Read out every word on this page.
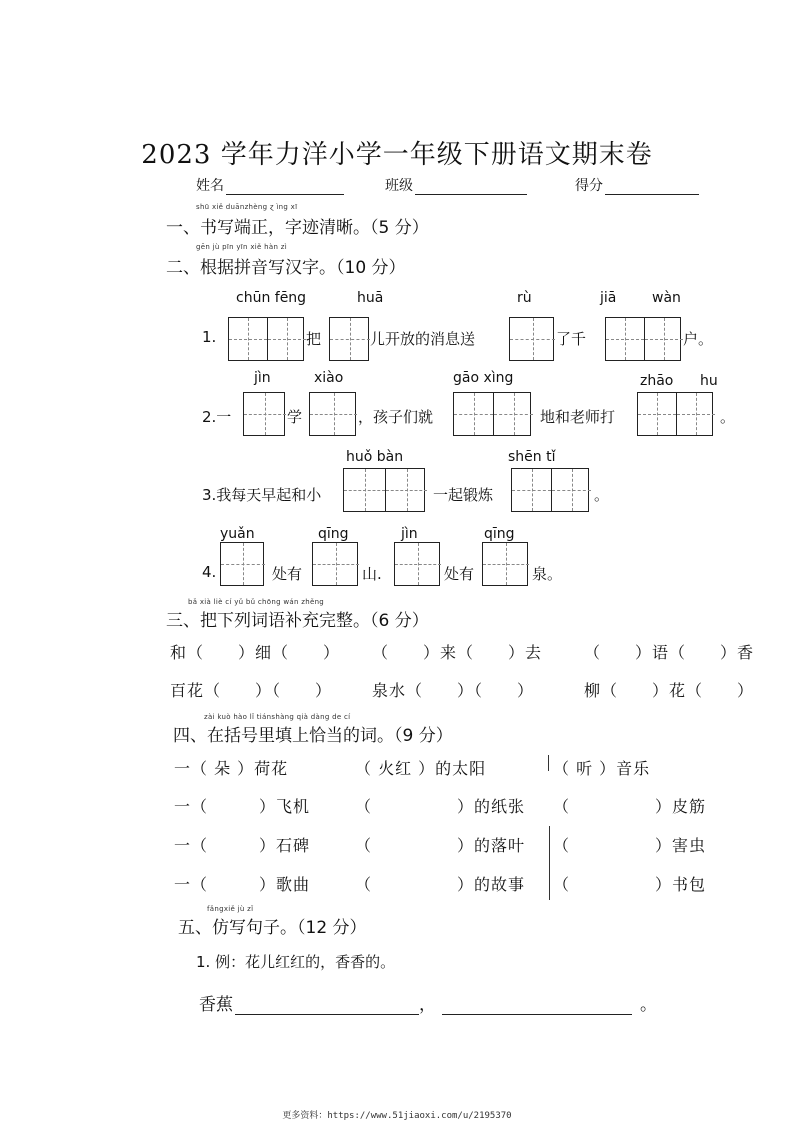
2023 学年力洋小学一年级下册语文期末卷
姓名	班级	得分
shū xiě duānzhèng ɀ ìng xī
一、书写端正，字迹清晰。（5 分）
gēn jù pīn yīn xiě hàn zì
二、根据拼音写汉字。（10 分）
chūn fēng	huā	rù	jiā	wàn
1.	把	儿开放的消息送	了千	户。
jìn	xiào	gāo xìng	zhāo hu
2.一	学	，孩子们就	地和老师打	。
huǒ bàn	shēn tǐ
3.我每天早起和小	一起锻炼	。
yuǎn	qīng	jìn	qīng
4.	处有	山.	处有	泉。
bǎ xià liè cí yǔ bǔ chōng wán zhěng
三、把下列词语补充完整。（6 分）
和（　　）细（　　） （　　）来（　　）去	（　　）语（　　）香
百花（　　）（　　） 泉水（　　）（　　）	柳（　　）花（　　）
zài kuò hào lǐ tiánshàng qià dàng de cí
四、在括号里填上恰当的词。（9 分）
一（ 朵 ）荷花	（ 火红 ）的太阳	（ 听 ）音乐
一（　　　）飞机	（　　　　　）的纸张 （　　　　　）皮筋
一（　　　）石碑	（　　　　　）的落叶 （　　　　　）害虫
一（　　　）歌曲	（　　　　　）的故事 （　　　　　）书包
fǎngxiě jù zǐ
五、仿写句子。（12 分）
1. 例：花儿红红的，香香的。
香蕉	，	。
更多资料：https://www.51jiaoxi.com/u/2195370
